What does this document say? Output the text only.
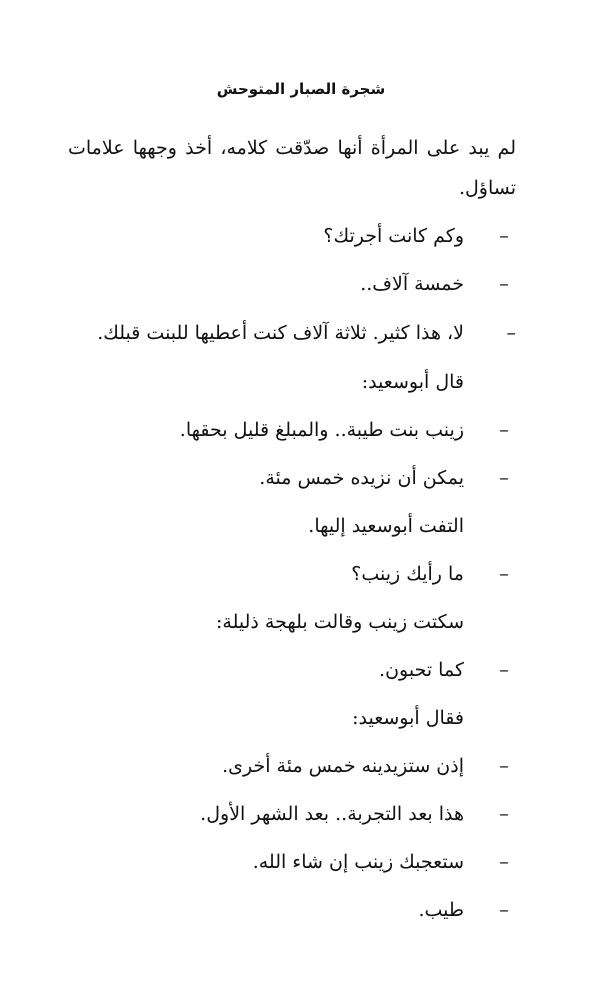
شجرة الصبار المتوحش

لم يبد على المرأة أنها صدّقت كلامه، أخذ وجهها علامات تساؤل.

–
وكم كانت أجرتك؟
–
خمسة آلاف..
–
لا، هذا كثير. ثلاثة آلاف كنت أعطيها للبنت قبلك.

قال أبوسعيد:

–
زينب بنت طيبة.. والمبلغ قليل بحقها.
–
يمكن أن نزيده خمس مئة.

التفت أبوسعيد إليها.

–
ما رأيك زينب؟

سكتت زينب وقالت بلهجة ذليلة:

–
كما تحبون.

فقال أبوسعيد:

–
إذن ستزيدينه خمس مئة أخرى.
–
هذا بعد التجربة.. بعد الشهر الأول.
–
ستعجبك زينب إن شاء الله.
–
طيب.
